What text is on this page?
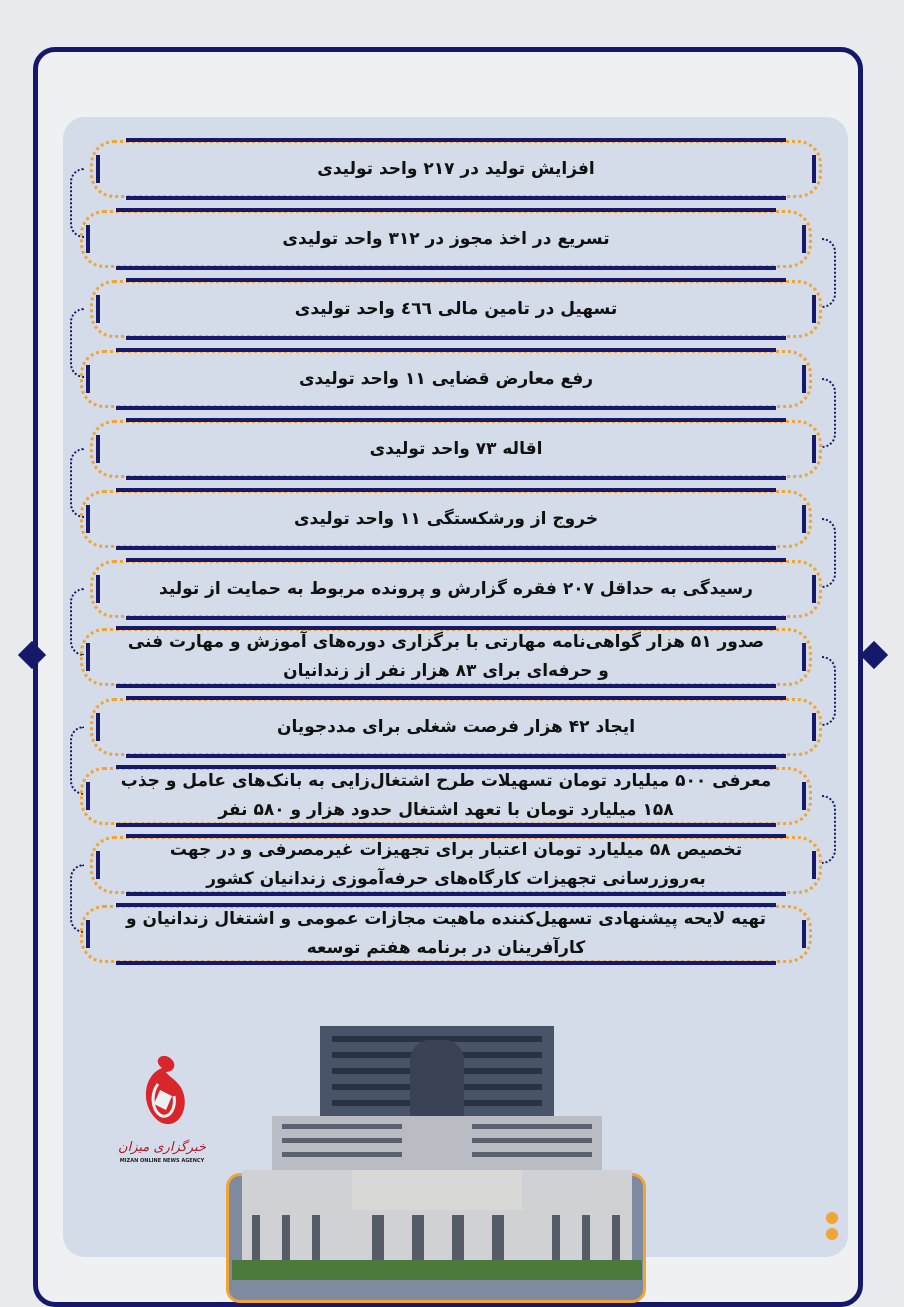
افزایش تولید در ۲۱۷ واحد تولیدی
تسریع در اخذ مجوز در ۳۱۲ واحد تولیدی
تسهیل در تامین مالی ٤٦٦ واحد تولیدی
رفع معارض قضایی ۱۱ واحد تولیدی
اقاله ۷۳ واحد تولیدی
خروج از ورشکستگی ۱۱ واحد تولیدی
رسیدگی به حداقل ۲۰۷ فقره گزارش و پرونده مربوط به حمایت از تولید
صدور ۵۱ هزار گواهی‌نامه مهارتی با برگزاری دوره‌های آموزش و مهارت فنی و حرفه‌ای برای ۸۳ هزار نفر از زندانیان
ایجاد ۴۲ هزار فرصت شغلی برای مددجویان
معرفی ۵۰۰ میلیارد تومان تسهیلات طرح اشتغال‌زایی به بانک‌های عامل و جذب ۱۵۸ میلیارد تومان با تعهد اشتغال حدود هزار و ۵۸۰ نفر
تخصیص ۵۸ میلیارد تومان اعتبار برای تجهیزات غیرمصرفی و در جهت به‌روزرسانی تجهیزات کارگاه‌های حرفه‌آموزی زندانیان کشور
تهیه لایحه پیشنهادی تسهیل‌کننده ماهیت مجازات عمومی و اشتغال زندانیان و کارآفرینان در برنامه هفتم توسعه
خبرگزاری میزان
MIZAN ONLINE NEWS AGENCY
